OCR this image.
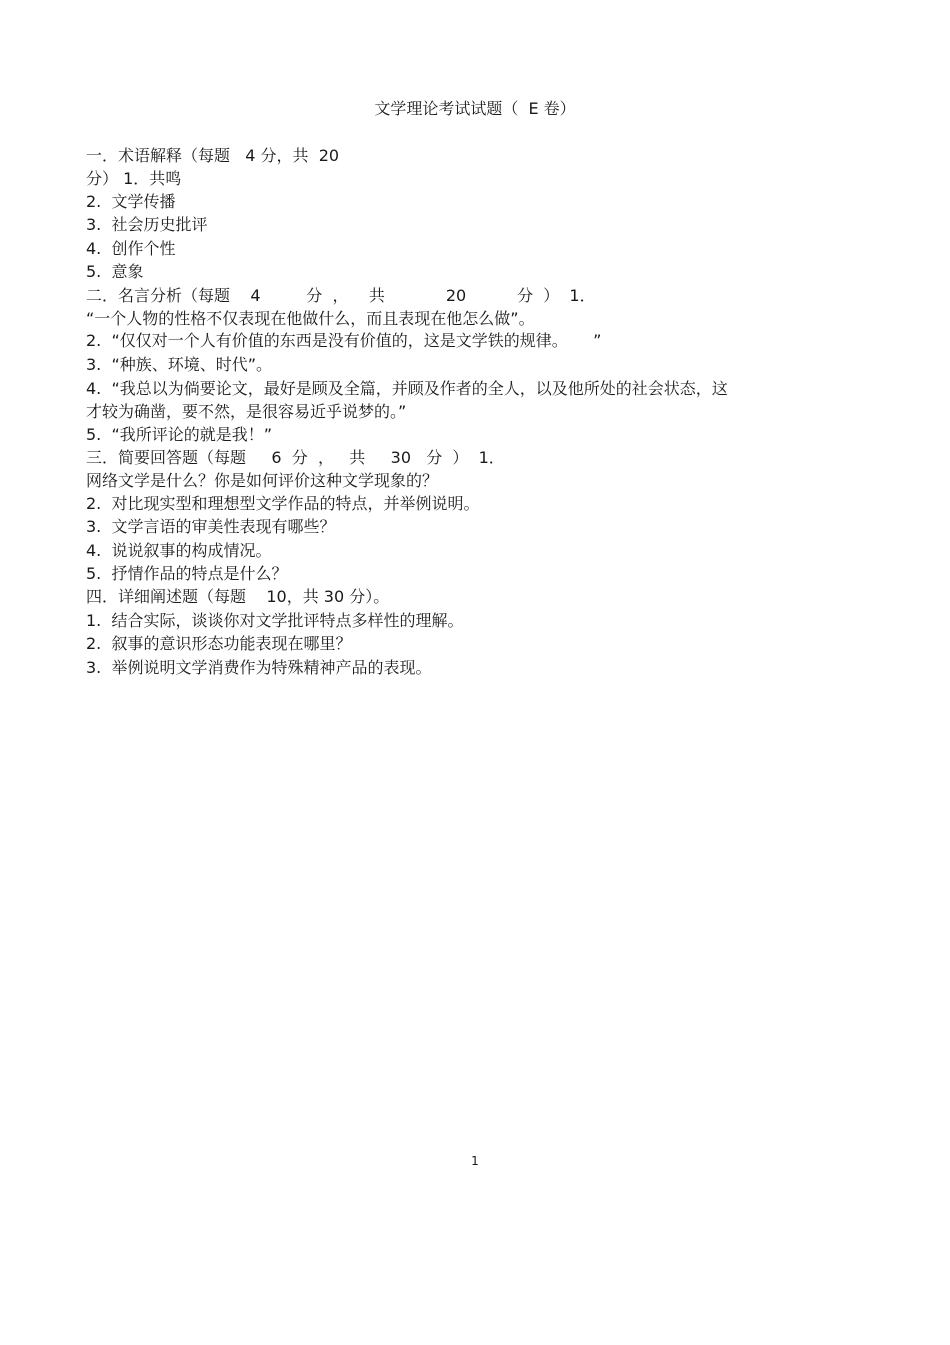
文学理论考试试题（  E 卷）
一．术语解释（每题   4 分，共  20
分） 1．共鸣
2.  文学传播
3.  社会历史批评
4.  创作个性
5.  意象
二．名言分析（每题    4         分  ，    共            20          分  ）  1．
“一个人物的性格不仅表现在他做什么，而且表现在他怎么做”。
2.  “仅仅对一个人有价值的东西是没有价值的，这是文学铁的规律。     ”
3.  “种族、环境、时代”。
4.  “我总以为倘要论文，最好是顾及全篇，并顾及作者的全人，以及他所处的社会状态，这
才较为确凿，要不然，是很容易近乎说梦的。”
5.  “我所评论的就是我！”
三．简要回答题（每题     6  分  ，   共     30   分  ）  1．
网络文学是什么？你是如何评价这种文学现象的？
2.  对比现实型和理想型文学作品的特点，并举例说明。
3.  文学言语的审美性表现有哪些？
4.  说说叙事的构成情况。
5.  抒情作品的特点是什么？
四．详细阐述题（每题    10，共 30 分）。
1.  结合实际，谈谈你对文学批评特点多样性的理解。
2.  叙事的意识形态功能表现在哪里？
3.  举例说明文学消费作为特殊精神产品的表现。
1
